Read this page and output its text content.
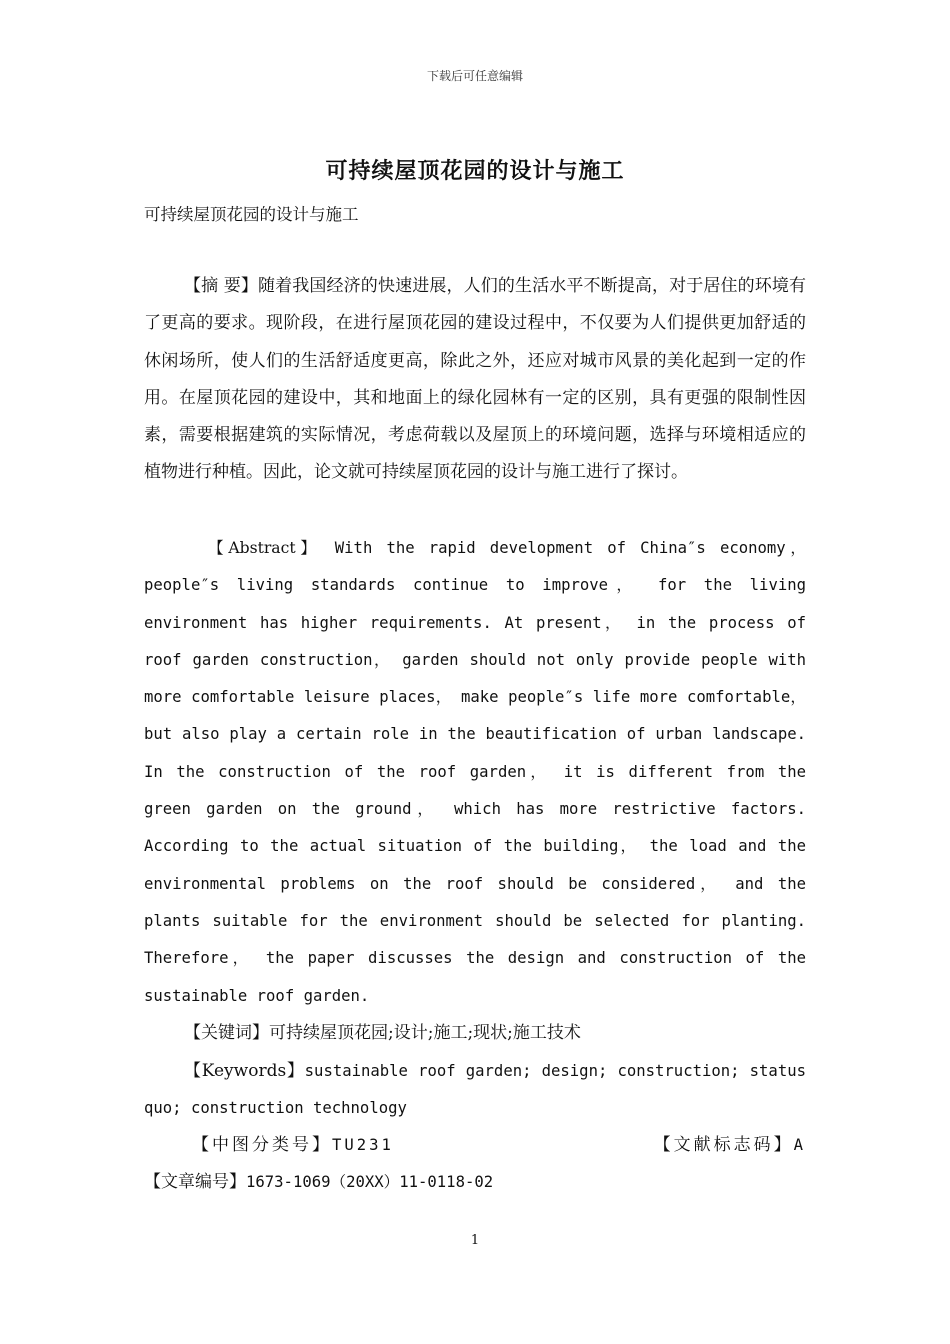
下载后可任意编辑
可持续屋顶花园的设计与施工
可持续屋顶花园的设计与施工

【摘 要】随着我国经济的快速进展，人们的生活水平不断提高，对于居住的环境有了更高的要求。现阶段，在进行屋顶花园的建设过程中，不仅要为人们提供更加舒适的休闲场所，使人们的生活舒适度更高，除此之外，还应对城市风景的美化起到一定的作用。在屋顶花园的建设中，其和地面上的绿化园林有一定的区别，具有更强的限制性因素，需要根据建筑的实际情况，考虑荷载以及屋顶上的环境问题，选择与环境相适应的植物进行种植。因此，论文就可持续屋顶花园的设计与施工进行了探讨。

【Abstract】 With the rapid development of China″s economy， people″s living standards continue to improve， for the living environment has higher requirements. At present， in the process of roof garden construction， garden should not only provide people with more comfortable leisure places， make people″s life more comfortable， but also play a certain role in the beautification of urban landscape. In the construction of the roof garden， it is different from the green garden on the ground， which has more restrictive factors. According to the actual situation of the building， the load and the environmental problems on the roof should be considered， and the plants suitable for the environment should be selected for planting. Therefore， the paper discusses the design and construction of the sustainable roof garden.

【关键词】可持续屋顶花园;设计;施工;现状;施工技术

【Keywords】sustainable roof garden; design; construction; status quo; construction technology

【中图分类号】TU231	【文献标志码】A
【文章编号】1673-1069（20XX）11-0118-02
1
